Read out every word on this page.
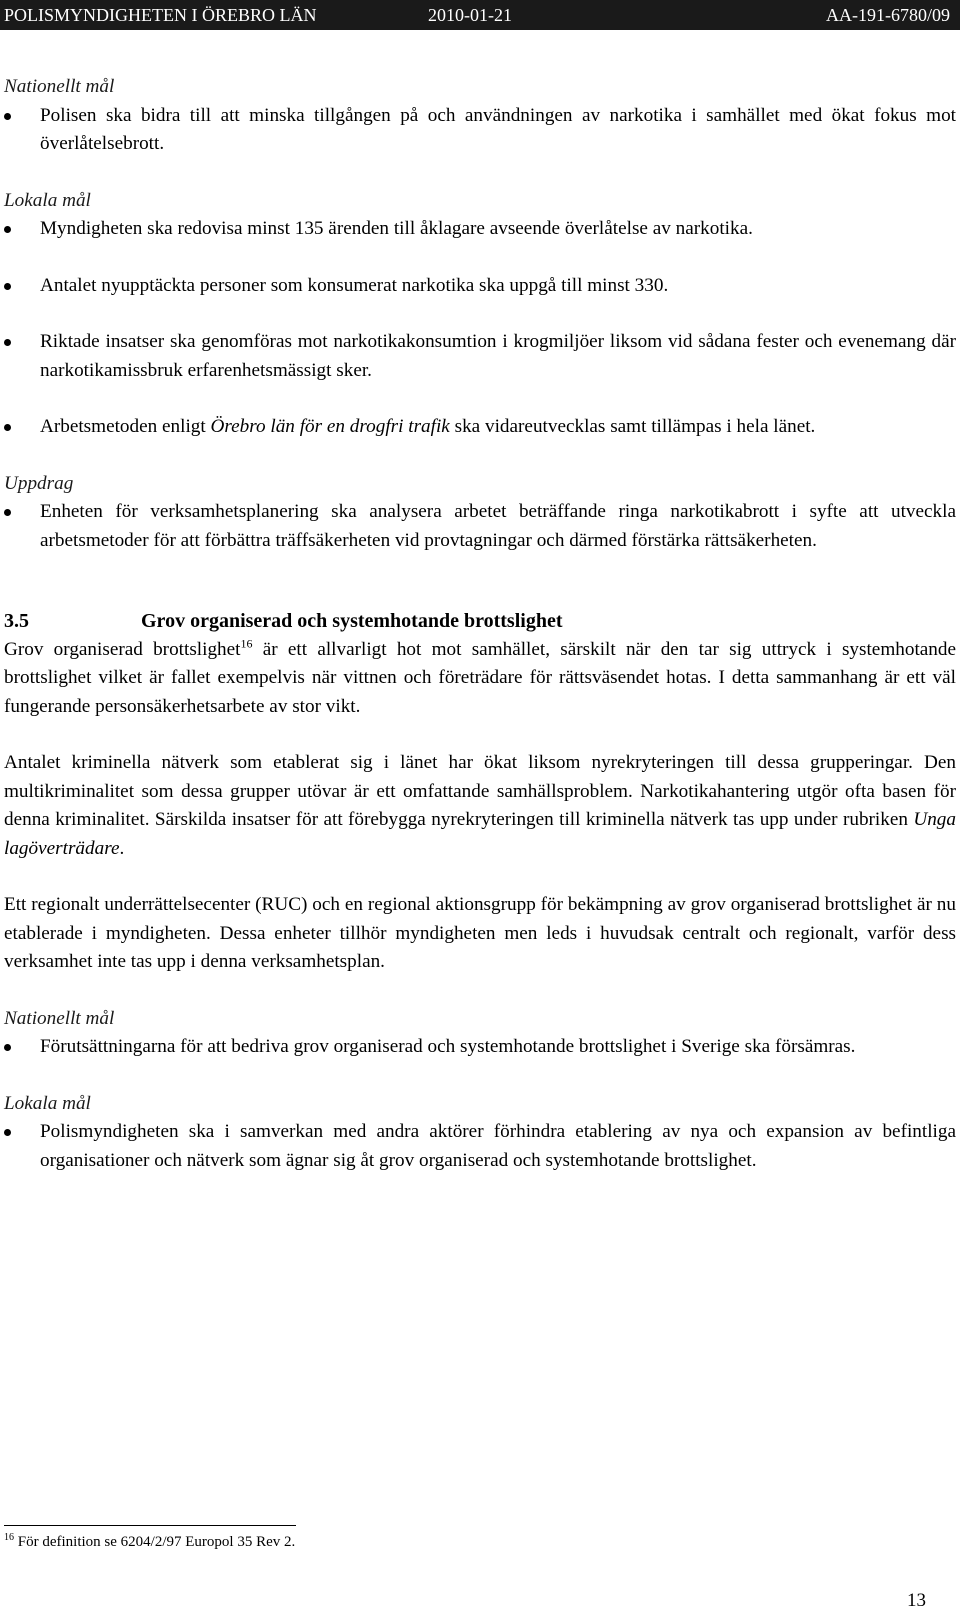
POLISMYNDIGHETEN I ÖREBRO LÄN	2010-01-21	AA-191-6780/09

Nationellt mål

Polisen ska bidra till att minska tillgången på och användningen av narkotika i samhället med ökat fokus mot överlåtelsebrott.

Lokala mål

Myndigheten ska redovisa minst 135 ärenden till åklagare avseende överlåtelse av narkotika.
Antalet nyupptäckta personer som konsumerat narkotika ska uppgå till minst 330.
Riktade insatser ska genomföras mot narkotikakonsumtion i krogmiljöer liksom vid sådana fester och evenemang där narkotikamissbruk erfarenhetsmässigt sker.
Arbetsmetoden enligt Örebro län för en drogfri trafik ska vidareutvecklas samt tillämpas i hela länet.

Uppdrag

Enheten för verksamhetsplanering ska analysera arbetet beträffande ringa narkotikabrott i syfte att utveckla arbetsmetoder för att förbättra träffsäkerheten vid provtagningar och därmed förstärka rättsäkerheten.

3.5	Grov organiserad och systemhotande brottslighet

Grov organiserad brottslighet$^{16}$ är ett allvarligt hot mot samhället, särskilt när den tar sig uttryck i systemhotande brottslighet vilket är fallet exempelvis när vittnen och företrädare för rättsväsendet hotas. I detta sammanhang är ett väl fungerande personsäkerhetsarbete av stor vikt.

Antalet kriminella nätverk som etablerat sig i länet har ökat liksom nyrekryteringen till dessa grupperingar. Den multikriminalitet som dessa grupper utövar är ett omfattande samhällsproblem. Narkotikahantering utgör ofta basen för denna kriminalitet. Särskilda insatser för att förebygga nyrekryteringen till kriminella nätverk tas upp under rubriken Unga lagöverträdare.

Ett regionalt underrättelsecenter (RUC) och en regional aktionsgrupp för bekämpning av grov organiserad brottslighet är nu etablerade i myndigheten. Dessa enheter tillhör myndigheten men leds i huvudsak centralt och regionalt, varför dess verksamhet inte tas upp i denna verksamhetsplan.

Nationellt mål

Förutsättningarna för att bedriva grov organiserad och systemhotande brottslighet i Sverige ska försämras.

Lokala mål

Polismyndigheten ska i samverkan med andra aktörer förhindra etablering av nya och expansion av befintliga organisationer och nätverk som ägnar sig åt grov organiserad och systemhotande brottslighet.
$^{16}$ För definition se 6204/2/97 Europol 35 Rev 2.
13
